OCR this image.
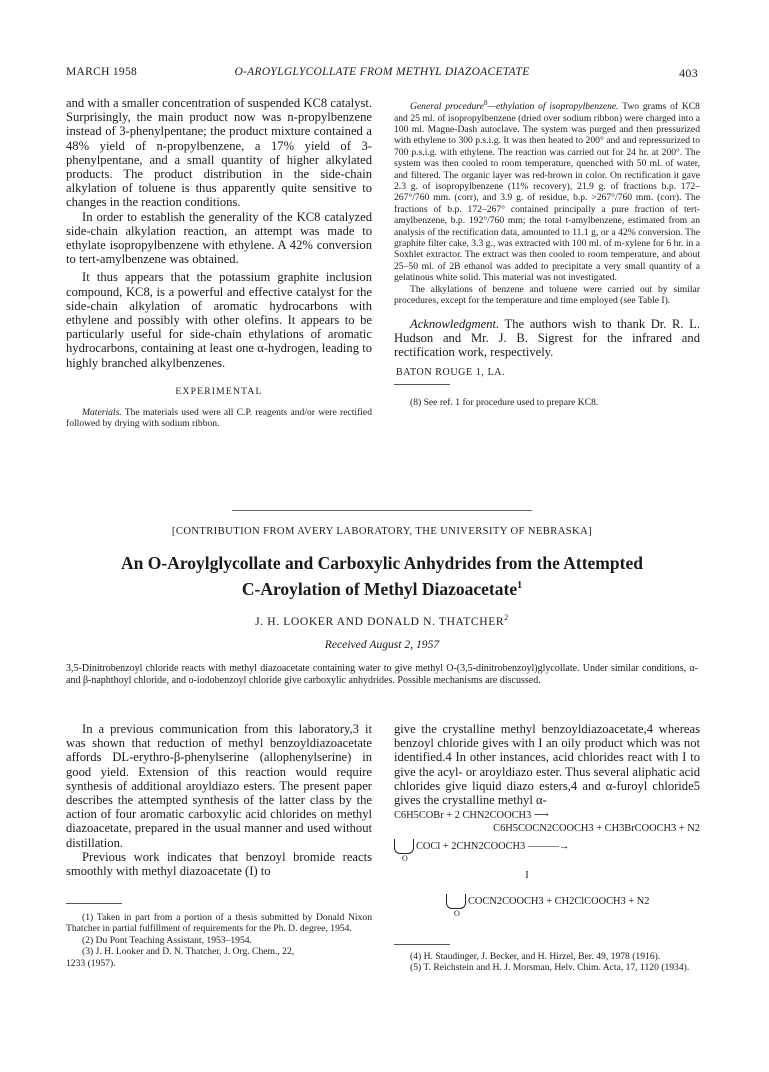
MARCH 1958	O-AROYLGLYCOLLATE FROM METHYL DIAZOACETATE	403

and with a smaller concentration of suspended KC8 catalyst. Surprisingly, the main product now was n-propylbenzene instead of 3-phenylpentane; the product mixture contained a 48% yield of n-propylbenzene, a 17% yield of 3-phenylpentane, and a small quantity of higher alkylated products. The product distribution in the side-chain alkylation of toluene is thus apparently quite sensitive to changes in the reaction conditions.

In order to establish the generality of the KC8 catalyzed side-chain alkylation reaction, an attempt was made to ethylate isopropylbenzene with ethylene. A 42% conversion to tert-amylbenzene was obtained.

It thus appears that the potassium graphite inclusion compound, KC8, is a powerful and effective catalyst for the side-chain alkylation of aromatic hydrocarbons with ethylene and possibly with other olefins. It appears to be particularly useful for side-chain ethylations of aromatic hydrocarbons, containing at least one α-hydrogen, leading to highly branched alkylbenzenes.

EXPERIMENTAL

Materials. The materials used were all C.P. reagents and/or were rectified followed by drying with sodium ribbon.

General procedure$^8$—ethylation of isopropylbenzene. Two grams of KC8 and 25 ml. of isopropylbenzene (dried over sodium ribbon) were charged into a 100 ml. Magne-Dash autoclave. The system was purged and then pressurized with ethylene to 300 p.s.i.g. It was then heated to 200° and and repressurized to 700 p.s.i.g. with ethylene. The reaction was carried out for 24 hr. at 200°. The system was then cooled to room temperature, quenched with 50 ml. of water, and filtered. The organic layer was red-brown in color. On rectification it gave 2.3 g. of isopropylbenzene (11% recovery), 21.9 g. of fractions b.p. 172–267°/760 mm. (corr), and 3.9 g. of residue, b.p. >267°/760 mm. (corr). The fractions of b.p. 172–267° contained principally a pure fraction of tert-amylbenzene, b.p. 192°/760 mm; the total t-amylbenzene, estimated from an analysis of the rectification data, amounted to 11.1 g, or a 42% conversion. The graphite filter cake, 3.3 g., was extracted with 100 ml. of m-xylene for 6 hr. in a Soxhlet extractor. The extract was then cooled to room temperature, and about 25–50 ml. of 2B ethanol was added to precipitate a very small quantity of a gelatinous white solid. This material was not investigated.

The alkylations of benzene and toluene were carried out by similar procedures, except for the temperature and time employed (see Table I).

Acknowledgment. The authors wish to thank Dr. R. L. Hudson and Mr. J. B. Sigrest for the infrared and rectification work, respectively.

BATON ROUGE 1, LA.

(8) See ref. 1 for procedure used to prepare KC8.

[CONTRIBUTION FROM AVERY LABORATORY, THE UNIVERSITY OF NEBRASKA]
An O-Aroylglycollate and Carboxylic Anhydrides from the Attempted
C-Aroylation of Methyl Diazoacetate$^1$
J. H. LOOKER AND DONALD N. THATCHER$^2$
Received August 2, 1957
3,5-Dinitrobenzoyl chloride reacts with methyl diazoacetate containing water to give methyl O-(3,5-dinitrobenzoyl)glycollate. Under similar conditions, α- and β-naphthoyl chloride, and o-iodobenzoyl chloride give carboxylic anhydrides. Possible mechanisms are discussed.

In a previous communication from this laboratory,3 it was shown that reduction of methyl benzoyldiazoacetate affords DL-erythro-β-phenylserine (allophenylserine) in good yield. Extension of this reaction would require synthesis of additional aroyldiazo esters. The present paper describes the attempted synthesis of the latter class by the action of four aromatic carboxylic acid chlorides on methyl diazoacetate, prepared in the usual manner and used without distillation.

Previous work indicates that benzoyl bromide reacts smoothly with methyl diazoacetate (I) to

(1) Taken in part from a portion of a thesis submitted by Donald Nixon Thatcher in partial fulfillment of requirements for the Ph. D. degree, 1954.

(2) Du Pont Teaching Assistant, 1953–1954.

(3) J. H. Looker and D. N. Thatcher, J. Org. Chem., 22,

1233 (1957).

give the crystalline methyl benzoyldiazoacetate,4 whereas benzoyl chloride gives with I an oily product which was not identified.4 In other instances, acid chlorides react with I to give the acyl- or aroyldiazo ester. Thus several aliphatic acid chlorides give liquid diazo esters,4 and α-furoyl chloride5 gives the crystalline methyl α-

C6H5COBr + 2 CHN2COOCH3 ⟶
C6H5COCN2COOCH3 + CH3BrCOOCH3 + N2
COCl + 2CHN2COOCH3 ———→
O
I
COCN2COOCH3 + CH2ClCOOCH3 + N2
O

(4) H. Staudinger, J. Becker, and H. Hirzel, Ber. 49, 1978 (1916).

(5) T. Reichstein and H. J. Morsman, Helv. Chim. Acta, 17, 1120 (1934).
